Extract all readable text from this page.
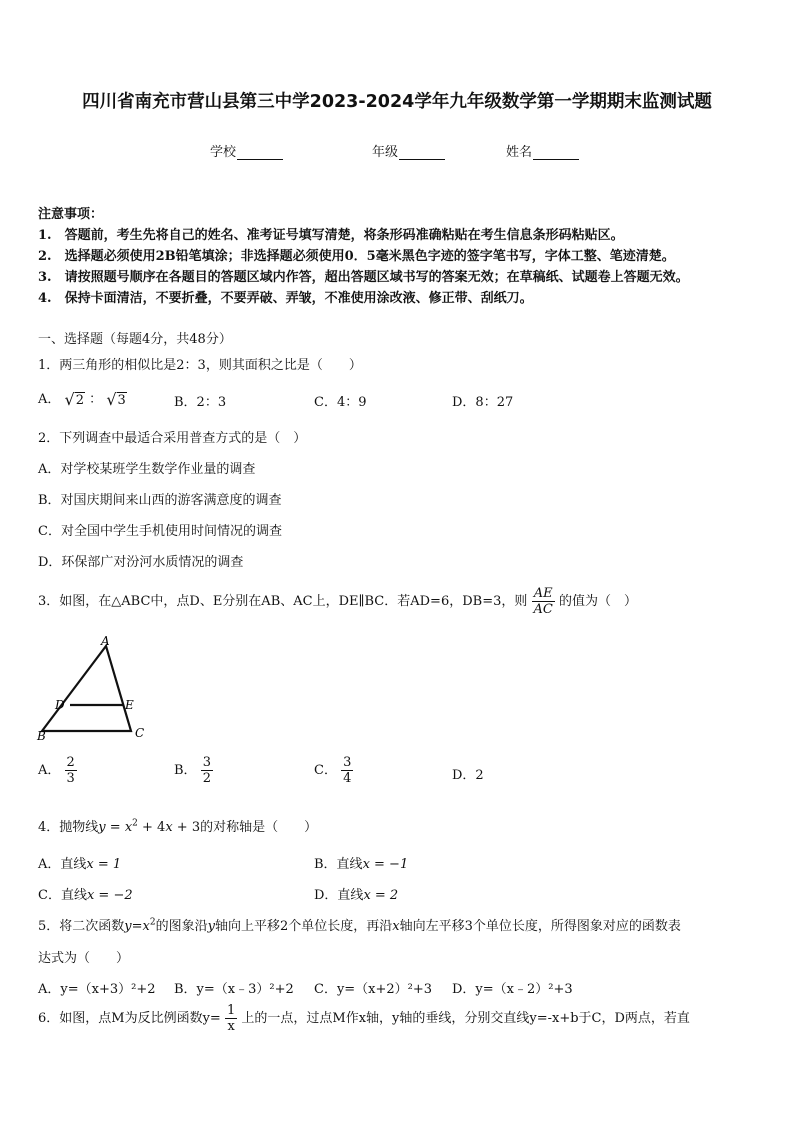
四川省南充市营山县第三中学2023-2024学年九年级数学第一学期期末监测试题
学校	年级	姓名
注意事项：
1.　答题前，考生先将自己的姓名、准考证号填写清楚，将条形码准确粘贴在考生信息条形码粘贴区。
2.　选择题必须使用2B铅笔填涂；非选择题必须使用0．5毫米黑色字迹的签字笔书写，字体工整、笔迹清楚。
3.　请按照题号顺序在各题目的答题区域内作答，超出答题区域书写的答案无效；在草稿纸、试题卷上答题无效。
4.　保持卡面清洁，不要折叠，不要弄破、弄皱，不准使用涂改液、修正带、刮纸刀。
一、选择题（每题4分，共48分）
1．两三角形的相似比是2：3，则其面积之比是（　　）
A． √ 2 ： √ 3	B．2：3	C．4：9	D．8：27
2．下列调查中最适合采用普查方式的是（　）
A．对学校某班学生数学作业量的调查
B．对国庆期间来山西的游客满意度的调查
C．对全国中学生手机使用时间情况的调查
D．环保部广对汾河水质情况的调查
3．如图，在△ABC中，点D、E分别在AB、AC上，DE∥BC．若AD=6，DB=3，则 $\frac{AE}{AC}$ 的值为（　）
A
B	C
D	E
A． $\frac{2}{3}$	B． $\frac{3}{2}$	C． $\frac{3}{4}$	D．2
4．抛物线$y = x^2 + 4x + 3$的对称轴是（　　）
A．直线x = 1	B．直线x = −1
C．直线x = −2	D．直线x = 2
5．将二次函数$y=x^2$的图象沿y轴向上平移2个单位长度，再沿x轴向左平移3个单位长度，所得图象对应的函数表
达式为（　　）
A．y=（x+3）²+2 B．y=（x﹣3）²+2 C．y=（x+2）²+3 D．y=（x﹣2）²+3
6．如图，点M为反比例函数$y= \frac{1}{x}$ 上的一点，过点M作x轴，y轴的垂线，分别交直线y=-x+b于C，D两点，若直
